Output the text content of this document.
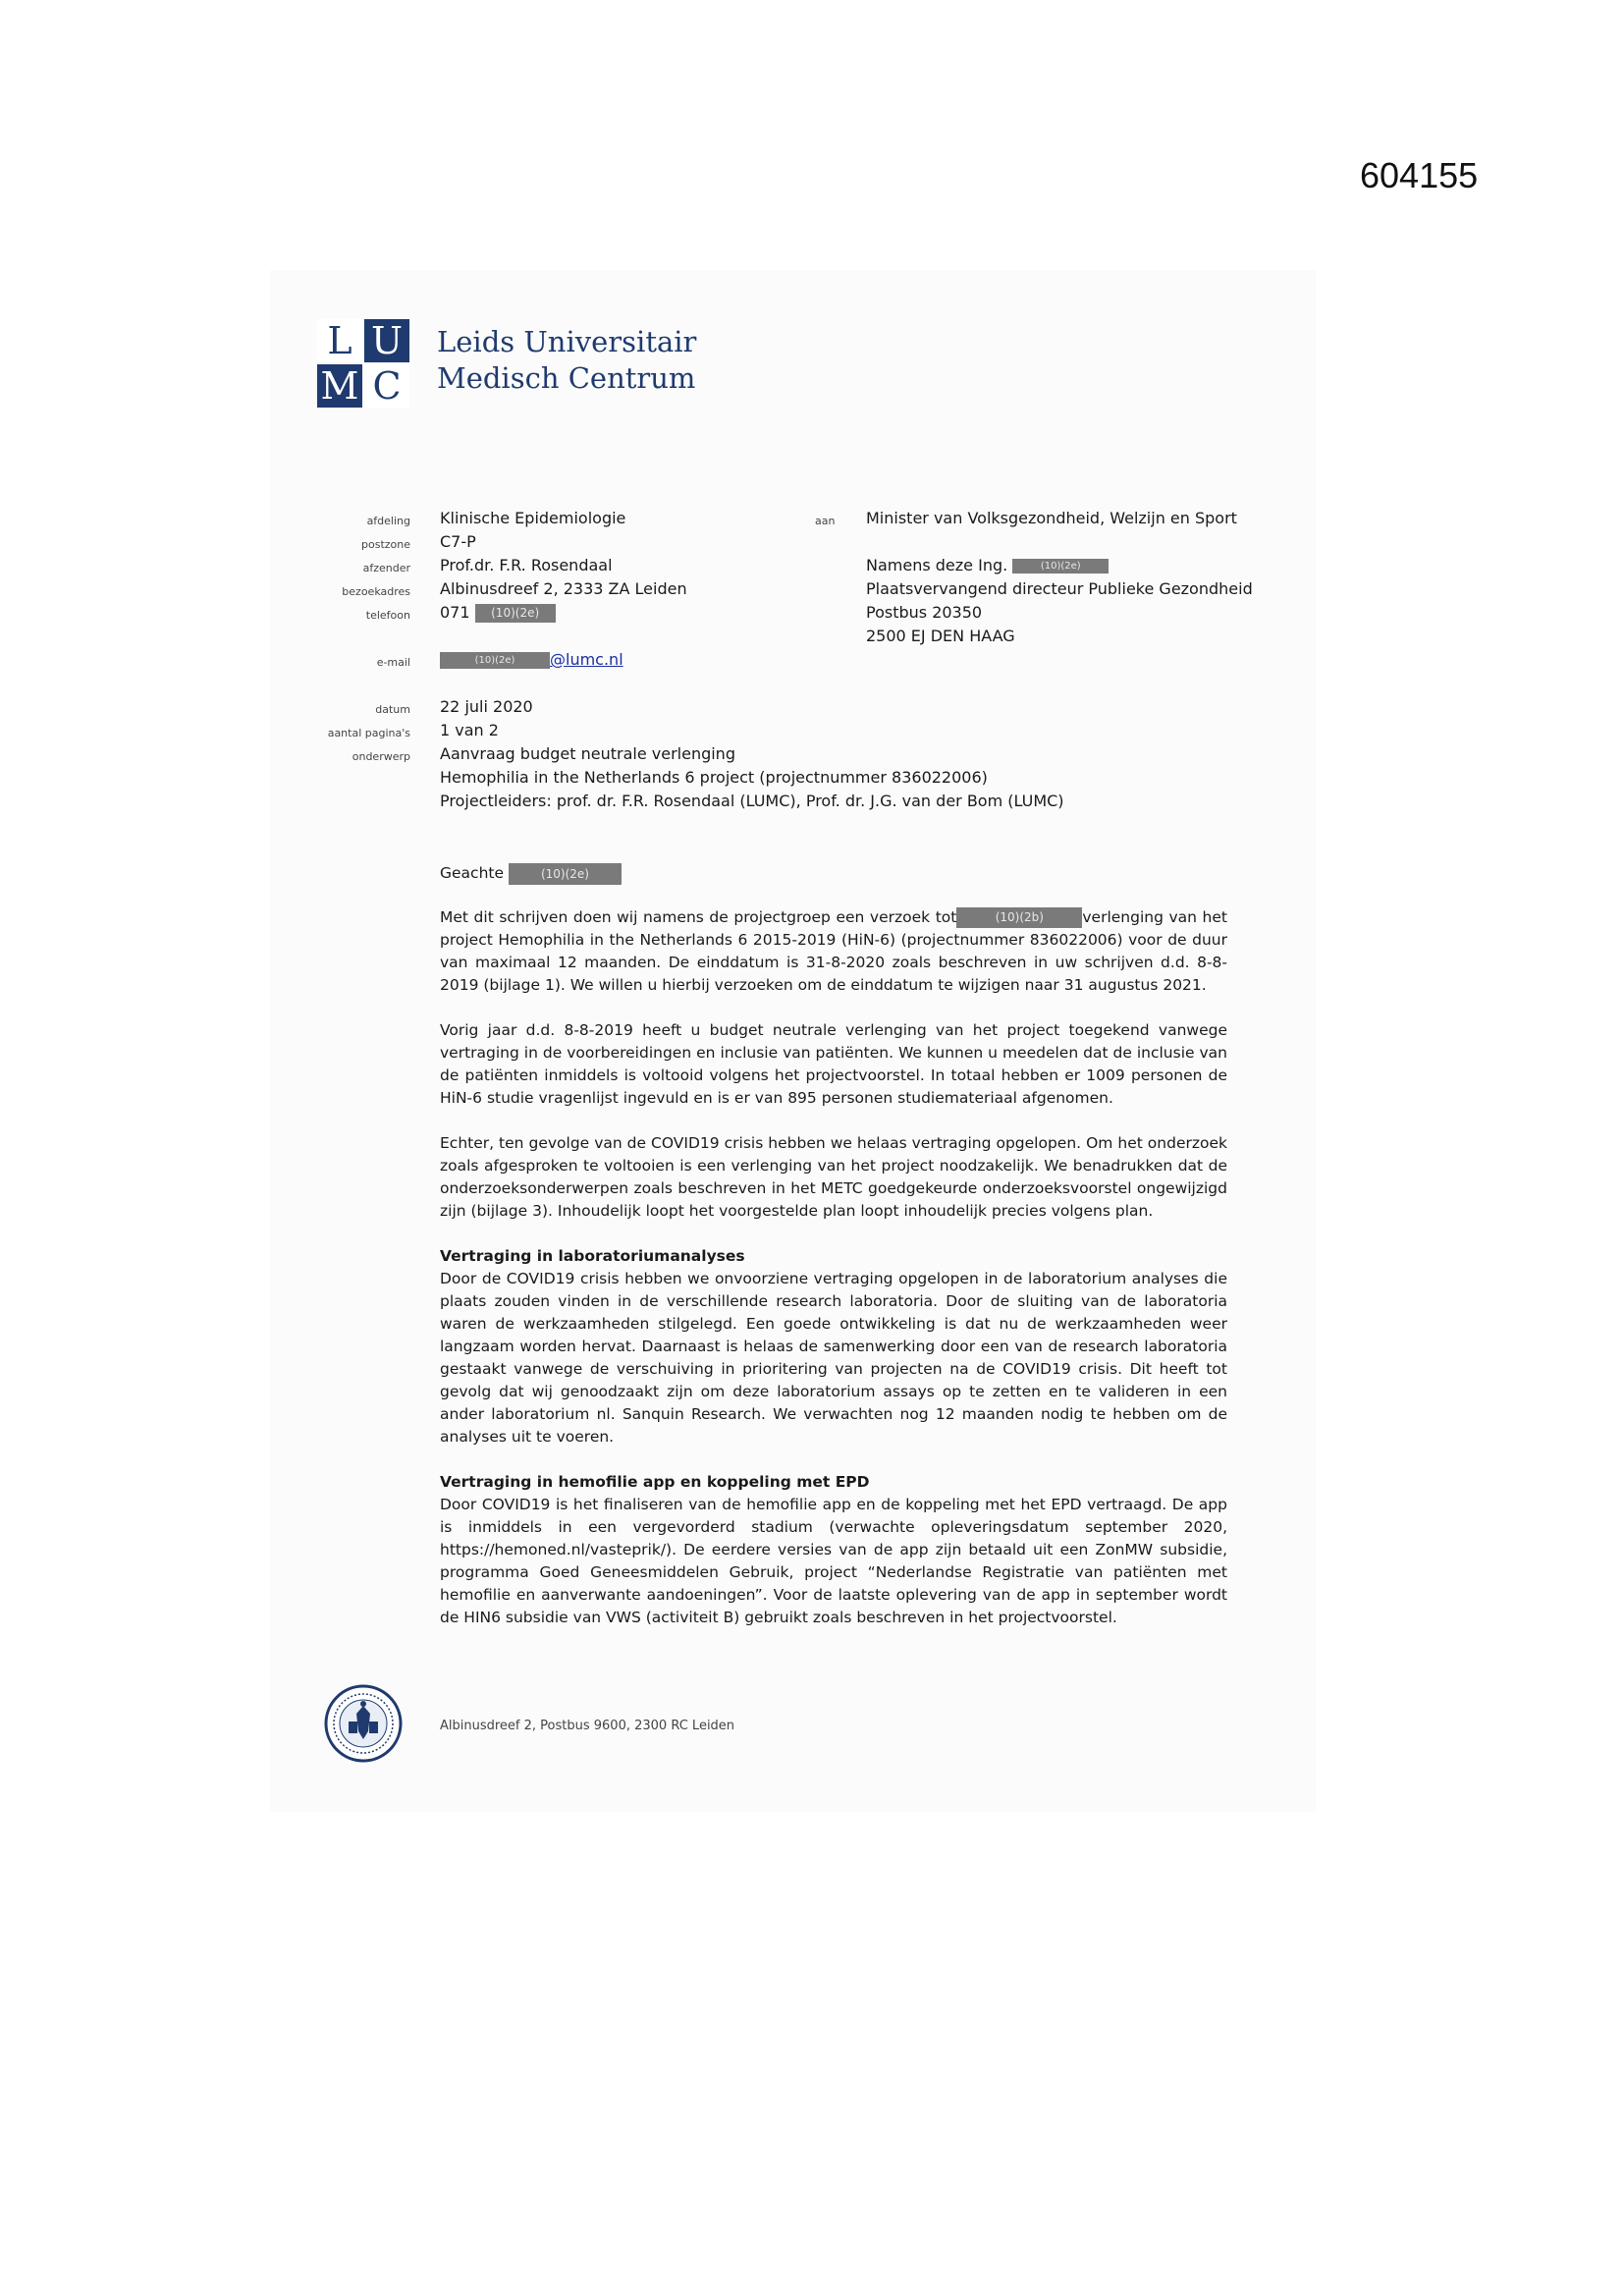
604155
L U
M C
Leids Universitair
Medisch Centrum
afdeling Klinische Epidemiologie
postzone C7-P
afzender Prof.dr. F.R. Rosendaal
bezoekadres Albinusdreef 2, 2333 ZA Leiden
telefoon 071 (10)(2e)
e-mail	(10)(2e) @lumc.nl
aan Minister van Volksgezondheid, Welzijn en Sport
Namens deze Ing.	(10)(2e)
Plaatsvervangend directeur Publieke Gezondheid
Postbus 20350
2500 EJ DEN HAAG
datum 22 juli 2020
aantal pagina's 1 van 2
onderwerp Aanvraag budget neutrale verlenging
Hemophilia in the Netherlands 6 project (projectnummer 836022006)
Projectleiders: prof. dr. F.R. Rosendaal (LUMC), Prof. dr. J.G. van der Bom (LUMC)

Geachte	(10)(2e)

Met dit schrijven doen wij namens de projectgroep een verzoek tot	(10)(2b)	verlenging van het project Hemophilia in the Netherlands 6 2015-2019 (HiN-6) (projectnummer 836022006) voor de duur van maximaal 12 maanden. De einddatum is 31-8-2020 zoals beschreven in uw schrijven d.d. 8-8-2019 (bijlage 1). We willen u hierbij verzoeken om de einddatum te wijzigen naar 31 augustus 2021.

Vorig jaar d.d. 8-8-2019 heeft u budget neutrale verlenging van het project toegekend vanwege vertraging in de voorbereidingen en inclusie van patiënten. We kunnen u meedelen dat de inclusie van de patiënten inmiddels is voltooid volgens het projectvoorstel. In totaal hebben er 1009 personen de HiN-6 studie vragenlijst ingevuld en is er van 895 personen studiemateriaal afgenomen.

Echter, ten gevolge van de COVID19 crisis hebben we helaas vertraging opgelopen. Om het onderzoek zoals afgesproken te voltooien is een verlenging van het project noodzakelijk. We benadrukken dat de onderzoeksonderwerpen zoals beschreven in het METC goedgekeurde onderzoeksvoorstel ongewijzigd zijn (bijlage 3). Inhoudelijk loopt het voorgestelde plan loopt inhoudelijk precies volgens plan.

Vertraging in laboratoriumanalyses

Door de COVID19 crisis hebben we onvoorziene vertraging opgelopen in de laboratorium analyses die plaats zouden vinden in de verschillende research laboratoria. Door de sluiting van de laboratoria waren de werkzaamheden stilgelegd. Een goede ontwikkeling is dat nu de werkzaamheden weer langzaam worden hervat. Daarnaast is helaas de samenwerking door een van de research laboratoria gestaakt vanwege de verschuiving in prioritering van projecten na de COVID19 crisis. Dit heeft tot gevolg dat wij genoodzaakt zijn om deze laboratorium assays op te zetten en te valideren in een ander laboratorium nl. Sanquin Research. We verwachten nog 12 maanden nodig te hebben om de analyses uit te voeren.

Vertraging in hemofilie app en koppeling met EPD

Door COVID19 is het finaliseren van de hemofilie app en de koppeling met het EPD vertraagd. De app is inmiddels in een vergevorderd stadium (verwachte opleveringsdatum september 2020, https://hemoned.nl/vasteprik/). De eerdere versies van de app zijn betaald uit een ZonMW subsidie, programma Goed Geneesmiddelen Gebruik, project “Nederlandse Registratie van patiënten met hemofilie en aanverwante aandoeningen”. Voor de laatste oplevering van de app in september wordt de HIN6 subsidie van VWS (activiteit B) gebruikt zoals beschreven in het projectvoorstel.

Albinusdreef 2, Postbus 9600, 2300 RC Leiden
